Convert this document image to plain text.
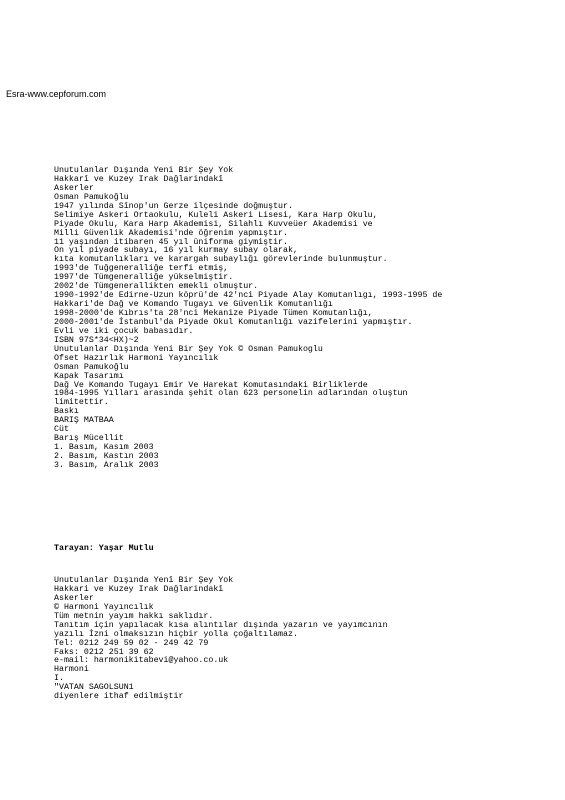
Esra-www.cepforum.com
Unutulanlar Dışında Yeni Bir Şey Yok
Hakkarî ve Kuzey Irak Dağlarindakî
Askerler
Osman Pamukoğlu
1947 yılında Sînop'un Gerze ilçesinde doğmuştur.
Selimiye Askeri Ortaokulu, Kuleli Askeri Lisesi, Kara Harp Okulu,
Piyade Okulu, Kara Harp Akademisi, Silahlı Kuvveüer Akademisi ve
Milli Güvenlik Akademisi'nde öğrenim yapmıştır.
11 yaşından itibaren 45 yıl üniforma giymiştir.
On yıl piyade subayı, 16 yıl kurmay subay olarak,
kıta komutanlıkları ve karargah subaylığı görevlerinde bulunmuştur.
1993'de Tuğgeneralliğe terfi etmiş,
1997'de Tümgeneralliğe yükselmiştir.
2002'de Tümgenerallikten emekli olmuştur.
1990-1992'de Edirne-Uzun köprü'de 42'nci Piyade Alay Komutanlıgı, 1993-1995 de
Hakkari'de Dağ ve Komando Tugayı ve Güvenlik Komutanlığı
1998-2000'de Kıbrıs'ta 28'nci Mekanize Piyade Tümen Komutanlığı,
2000-2001'de İstanbul'da Piyade Okul Komutanlığı vazifelerini yapmıştır.
Evli ve iki çocuk babasıdır.
ISBN 97S*34<HX)~2
Unutulanlar Dışında Yeni Bir Şey Yok © Osman Pamukoglu
Ofset Hazırlık Harmoni Yayıncılık
Osman Pamukoğlu
Kapak Tasarımı
Dağ Ve Komando Tugayı Emir Ve Harekat Komutasındaki Birliklerde
1984-1995 Yılları arasında şehit olan 623 personelin adlarından oluştun
limitettir.
Baskı
BARIŞ MATBAA
Cüt
Barış Mücellit
1. Basım, Kasım 2003
2. Basım, Kastın 2003
3. Basım, Aralık 2003
Tarayan: Yaşar Mutlu
Unutulanlar Dışında Yenî Bir Şey Yok
Hakkari ve Kuzey Irak Dağlarindakî
Askerler
© Harmoni Yayıncılık
Tüm metnin yayım hakkı saklıdır.
Tanıtım için yapılacak kısa alıntılar dışında yazarın ve yayımcının
yazılı İzni olmaksızın hiçbir yolla çoğaltılamaz.
Tel: 0212 249 59 02 - 249 42 79
Faks: 0212 251 39 62
e-mail: harmonikitabevi@yahoo.co.uk
Harmoni
I.
"VATAN SAGOLSUN1
diyenlere ithaf edilmiştir
